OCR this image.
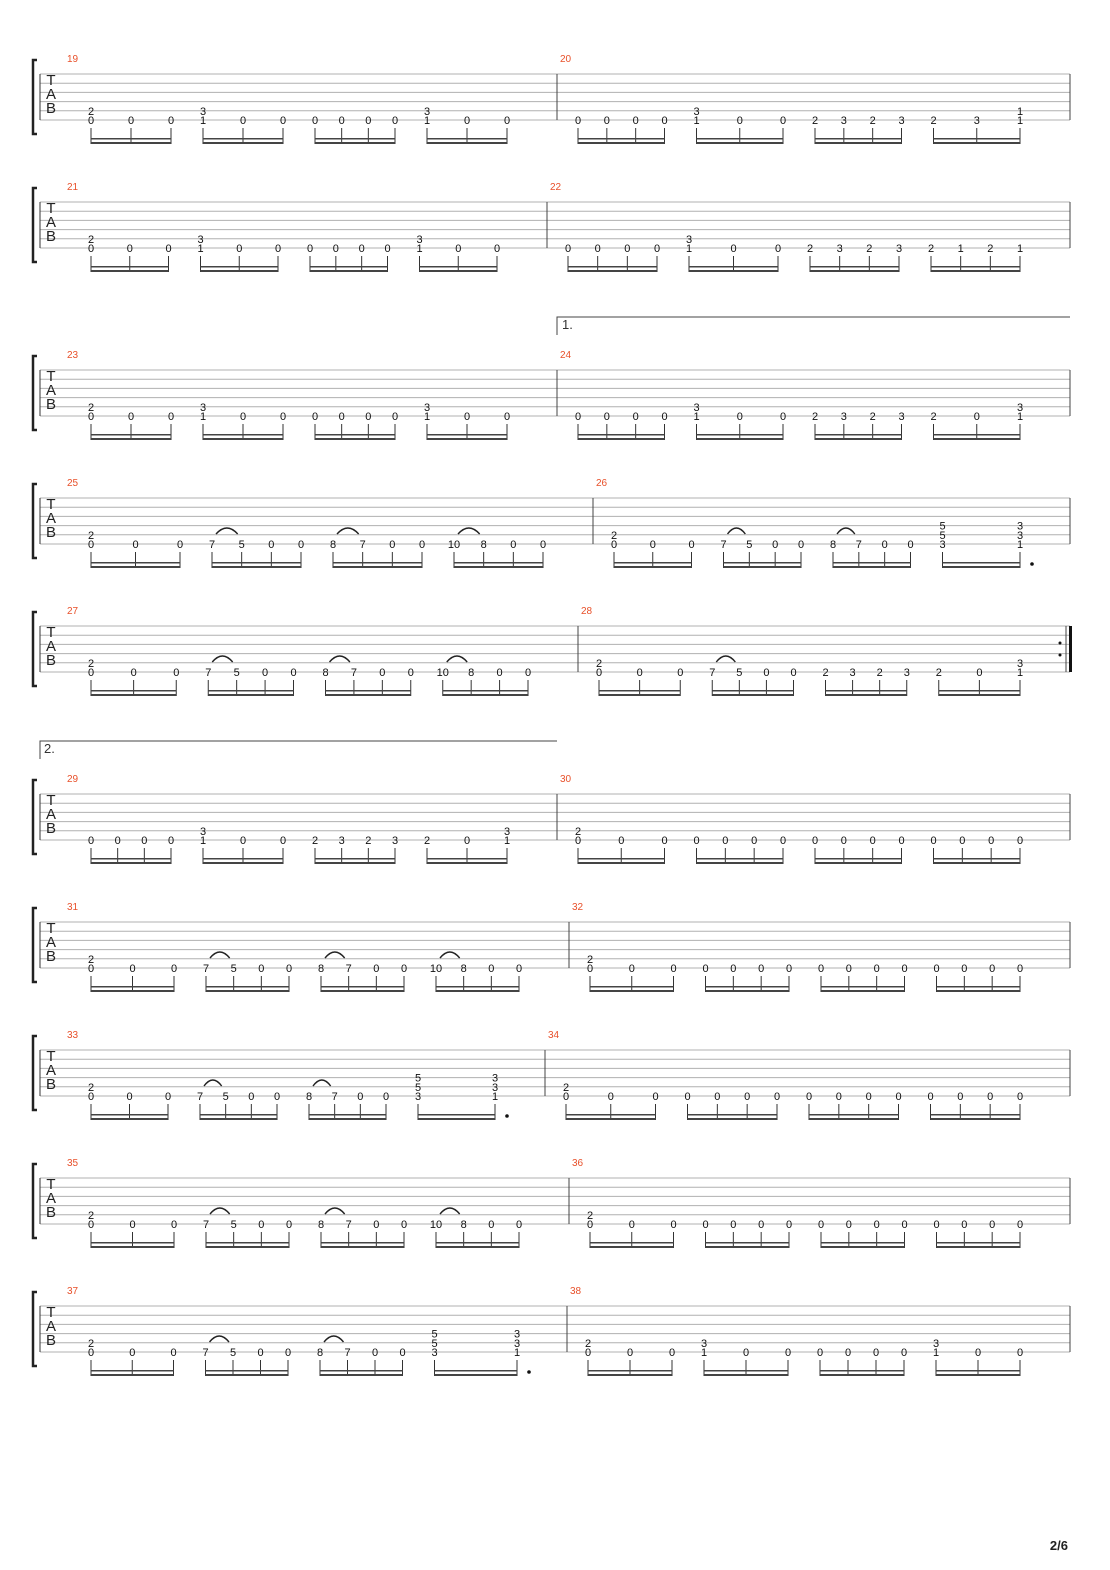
T
A
B
19
0
2
0	0 1
3
0	0 0 0 0 0 1
3
0	0
20
0 0 0 0 1
3
0	0 2 3 2 3 2	3	1
1
T
A
B
21
0
2
0	0 1
3
0	0 0 0 0 0 1
3
0	0
22
0 0 0 0 1
3
0	0 2 3 2 3 2 1 2 1
T
A
B
1.
23
0
2
0	0 1
3
0	0 0 0 0 0 1
3
0	0
24
0 0 0 0 1
3
0	0 2 3 2 3 2	0	1
3
T
A
B
25
0
2
0	0 7 5 0 0 8 7 0 0 10 8 0 0
26
0
2
0	0 7 5 0 0 8 7 0 0 3
5
5
1
3
3
T
A
B
27
0
2
0	0 7 5 0 0 8 7 0 0 10 8 0 0
28
0
2
0	0 7 5 0 0 2 3 2 3 2	0	1
3
T
A
B
2.
29
0 0 0 0 1
3
0	0 2 3 2 3 2	0	1
3
30
0
2
0	0 0 0 0 0 0 0 0 0 0 0 0 0
T
A
B
31
0
2
0	0 7 5 0 0 8 7 0 0 10 8 0 0
32
0
2
0	0 0 0 0 0 0 0 0 0 0 0 0 0
T
A
B
33
0
2
0	0 7 5 0 0 8 7 0 0 3
5
5
1
3
3
34
0
2
0	0 0 0 0 0 0 0 0 0 0 0 0 0
T
A
B
35
0
2
0	0 7 5 0 0 8 7 0 0 10 8 0 0
36
0
2
0	0 0 0 0 0 0 0 0 0 0 0 0 0
T
A
B
37
0
2
0	0 7 5 0 0 8 7 0 0 3
5
5
1
3
3
38
0
2
0	0 1
3
0	0 0 0 0 0 1
3
0	0
2/6
